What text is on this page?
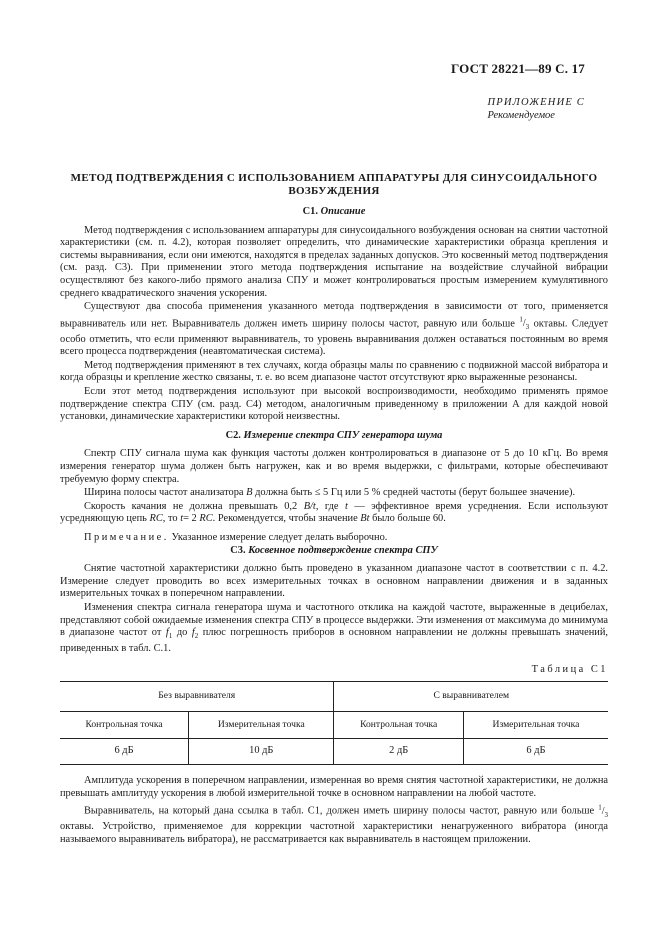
ГОСТ 28221—89 С. 17
ПРИЛОЖЕНИЕ С
Рекомендуемое
МЕТОД ПОДТВЕРЖДЕНИЯ С ИСПОЛЬЗОВАНИЕМ АППАРАТУРЫ ДЛЯ СИНУСОИДАЛЬНОГО ВОЗБУЖДЕНИЯ
С1. Описание

Метод подтверждения с использованием аппаратуры для синусоидального возбуждения основан на снятии частотной характеристики (см. п. 4.2), которая позволяет определить, что динамические характеристики образца крепления и системы выравнивания, если они имеются, находятся в пределах заданных допусков. Это косвенный метод подтверждения (см. разд. С3). При применении этого метода подтверждения испытание на воздействие случайной вибрации осуществляют без какого-либо прямого анализа СПУ и может контролироваться простым измерением кумулятивного среднего квадратического значения ускорения.

Существуют два способа применения указанного метода подтверждения в зависимости от того, применяется выравниватель или нет. Выравниватель должен иметь ширину полосы частот, равную или больше $^1/_3$ октавы. Следует особо отметить, что если применяют выравниватель, то уровень выравнивания должен оставаться постоянным во время всего процесса подтверждения (неавтоматическая система).

Метод подтверждения применяют в тех случаях, когда образцы малы по сравнению с подвижной массой вибратора и когда образцы и крепление жестко связаны, т. е. во всем диапазоне частот отсутствуют ярко выраженные резонансы.

Если этот метод подтверждения используют при высокой воспроизводимости, необходимо применять прямое подтверждение спектра СПУ (см. разд. С4) методом, аналогичным приведенному в приложении А для каждой новой установки, динамические характеристики которой неизвестны.

С2. Измерение спектра СПУ генератора шума

Спектр СПУ сигнала шума как функция частоты должен контролироваться в диапазоне от 5 до 10 кГц. Во время измерения генератор шума должен быть нагружен, как и во время выдержки, с фильтрами, которые обеспечивают требуемую форму спектра.

Ширина полосы частот анализатора B должна быть ≤ 5 Гц или 5 % средней частоты (берут большее значение).

Скорость качания не должна превышать 0,2 B/t, где t — эффективное время усреднения. Если используют усредняющую цепь RC, то t= 2 RC. Рекомендуется, чтобы значение Bt было больше 60.

Примечание. Указанное измерение следует делать выборочно.

С3. Косвенное подтверждение спектра СПУ

Снятие частотной характеристики должно быть проведено в указанном диапазоне частот в соответствии с п. 4.2. Измерение следует проводить во всех измерительных точках в основном направлении движения и в заданных измерительных точках в поперечном направлении.

Изменения спектра сигнала генератора шума и частотного отклика на каждой частоте, выраженные в децибелах, представляют собой ожидаемые изменения спектра СПУ в процессе выдержки. Эти изменения от максимума до минимума в диапазоне частот от $f_1$ до $f_2$ плюс погрешность приборов в основном направлении не должны превышать значений, приведенных в табл. С.1.

Таблица С1
Без выравнивателя		С выравнивателем	
Контрольная точка	Измерительная точка	Контрольная точка	Измерительная точка
6 дБ	10 дБ	2 дБ	6 дБ

Амплитуда ускорения в поперечном направлении, измеренная во время снятия частотной характеристики, не должна превышать амплитуду ускорения в любой измерительной точке в основном направлении на любой частоте.

Выравниватель, на который дана ссылка в табл. С1, должен иметь ширину полосы частот, равную или больше $^1/_3$ октавы. Устройство, применяемое для коррекции частотной характеристики ненагруженного вибратора (иногда называемого выравниватель вибратора), не рассматривается как выравниватель в настоящем приложении.
